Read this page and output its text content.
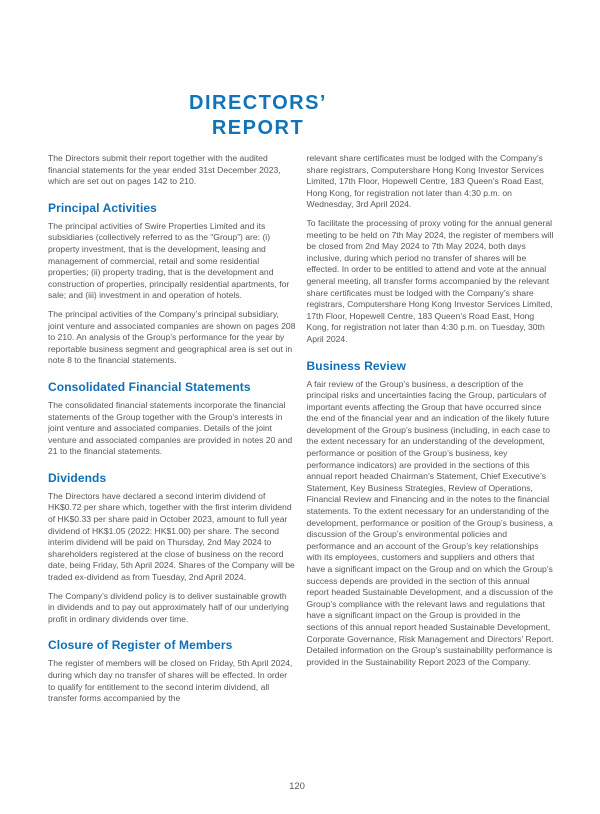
DIRECTORS’
REPORT

The Directors submit their report together with the audited financial statements for the year ended 31st December 2023, which are set out on pages 142 to 210.

Principal Activities

The principal activities of Swire Properties Limited and its subsidiaries (collectively referred to as the “Group”) are: (i) property investment, that is the development, leasing and management of commercial, retail and some residential properties; (ii) property trading, that is the development and construction of properties, principally residential apartments, for sale; and (iii) investment in and operation of hotels.

The principal activities of the Company’s principal subsidiary, joint venture and associated companies are shown on pages 208 to 210. An analysis of the Group’s performance for the year by reportable business segment and geographical area is set out in note 8 to the financial statements.

Consolidated Financial Statements

The consolidated financial statements incorporate the financial statements of the Group together with the Group’s interests in joint venture and associated companies. Details of the joint venture and associated companies are provided in notes 20 and 21 to the financial statements.

Dividends

The Directors have declared a second interim dividend of HK$0.72 per share which, together with the first interim dividend of HK$0.33 per share paid in October 2023, amount to full year dividend of HK$1.05 (2022: HK$1.00) per share. The second interim dividend will be paid on Thursday, 2nd May 2024 to shareholders registered at the close of business on the record date, being Friday, 5th April 2024. Shares of the Company will be traded ex-dividend as from Tuesday, 2nd April 2024.

The Company’s dividend policy is to deliver sustainable growth in dividends and to pay out approximately half of our underlying profit in ordinary dividends over time.

Closure of Register of Members

The register of members will be closed on Friday, 5th April 2024, during which day no transfer of shares will be effected. In order to qualify for entitlement to the second interim dividend, all transfer forms accompanied by the

relevant share certificates must be lodged with the Company’s share registrars, Computershare Hong Kong Investor Services Limited, 17th Floor, Hopewell Centre, 183 Queen’s Road East, Hong Kong, for registration not later than 4:30 p.m. on Wednesday, 3rd April 2024.

To facilitate the processing of proxy voting for the annual general meeting to be held on 7th May 2024, the register of members will be closed from 2nd May 2024 to 7th May 2024, both days inclusive, during which period no transfer of shares will be effected. In order to be entitled to attend and vote at the annual general meeting, all transfer forms accompanied by the relevant share certificates must be lodged with the Company’s share registrars, Computershare Hong Kong Investor Services Limited, 17th Floor, Hopewell Centre, 183 Queen’s Road East, Hong Kong, for registration not later than 4:30 p.m. on Tuesday, 30th April 2024.

Business Review

A fair review of the Group’s business, a description of the principal risks and uncertainties facing the Group, particulars of important events affecting the Group that have occurred since the end of the financial year and an indication of the likely future development of the Group’s business (including, in each case to the extent necessary for an understanding of the development, performance or position of the Group’s business, key performance indicators) are provided in the sections of this annual report headed Chairman’s Statement, Chief Executive’s Statement, Key Business Strategies, Review of Operations, Financial Review and Financing and in the notes to the financial statements. To the extent necessary for an understanding of the development, performance or position of the Group’s business, a discussion of the Group’s environmental policies and performance and an account of the Group’s key relationships with its employees, customers and suppliers and others that have a significant impact on the Group and on which the Group’s success depends are provided in the section of this annual report headed Sustainable Development, and a discussion of the Group’s compliance with the relevant laws and regulations that have a significant impact on the Group is provided in the sections of this annual report headed Sustainable Development, Corporate Governance, Risk Management and Directors’ Report. Detailed information on the Group’s sustainability performance is provided in the Sustainability Report 2023 of the Company.

120
